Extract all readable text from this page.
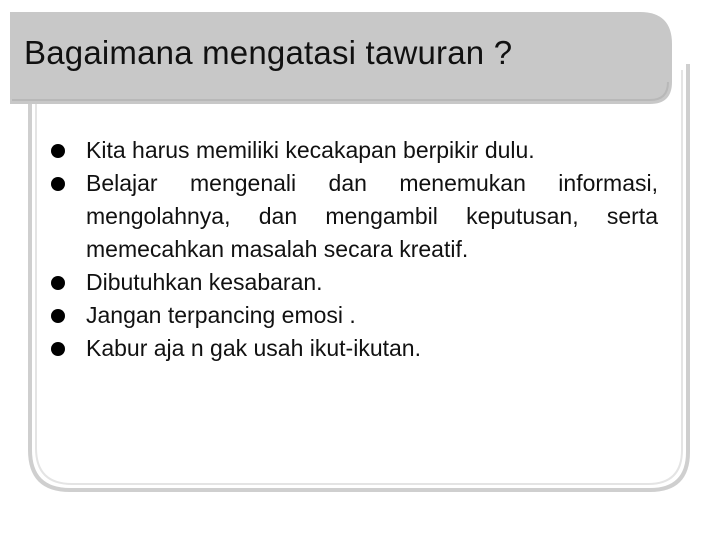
Bagaimana mengatasi tawuran ?
Kita harus memiliki kecakapan berpikir dulu.
Belajar mengenali dan menemukan informasi, mengolahnya, dan mengambil keputusan, serta memecahkan masalah secara kreatif.
Dibutuhkan kesabaran.
Jangan terpancing emosi .
Kabur aja n gak usah ikut-ikutan.
